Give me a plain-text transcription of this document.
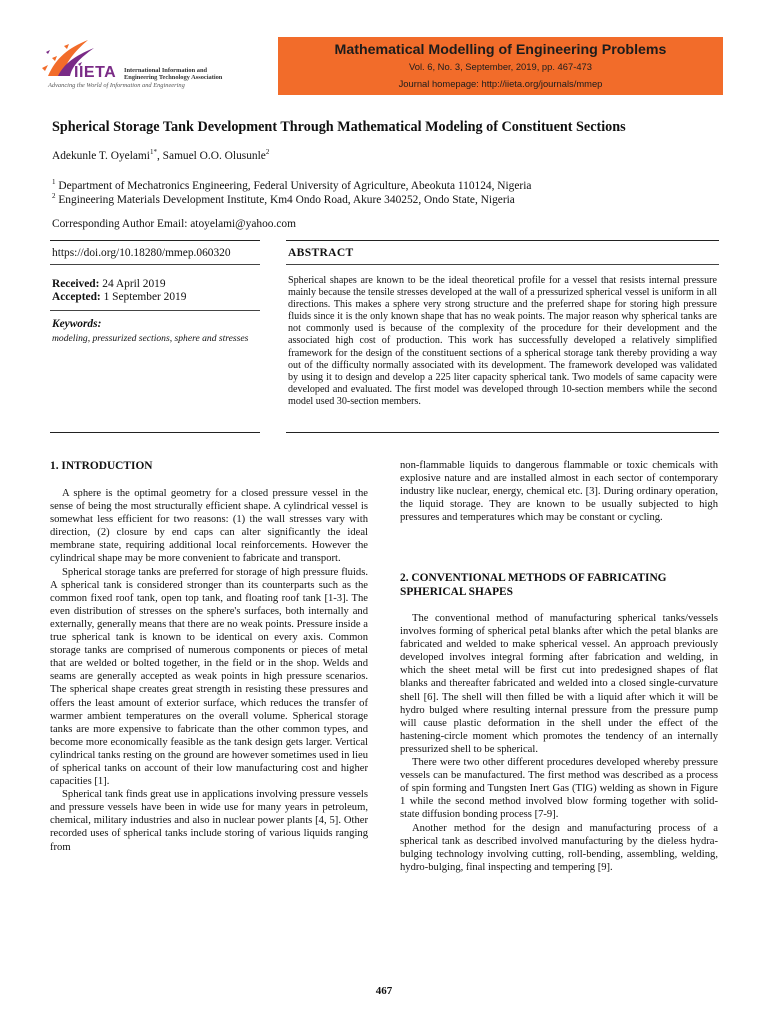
IIETA International Information and
Engineering Technology Association
Advancing the World of Information and Engineering
Mathematical Modelling of Engineering Problems
Vol. 6, No. 3, September, 2019, pp. 467-473
Journal homepage: http://iieta.org/journals/mmep
Spherical Storage Tank Development Through Mathematical Modeling of Constituent Sections
Adekunle T. Oyelami$^{1*}$, Samuel O.O. Olusunle$^2$
$^1$ Department of Mechatronics Engineering, Federal University of Agriculture, Abeokuta 110124, Nigeria
$^2$ Engineering Materials Development Institute, Km4 Ondo Road, Akure 340252, Ondo State, Nigeria
Corresponding Author Email: atoyelami@yahoo.com
https://doi.org/10.18280/mmep.060320	ABSTRACT
Received: 24 April 2019
Accepted: 1 September 2019
Keywords:
modeling, pressurized sections, sphere and stresses
Spherical shapes are known to be the ideal theoretical profile for a vessel that resists internal pressure mainly because the tensile stresses developed at the wall of a pressurized spherical vessel is uniform in all directions. This makes a sphere very strong structure and the preferred shape for storing high pressure fluids since it is the only known shape that has no weak points. The major reason why spherical tanks are not commonly used is because of the complexity of the procedure for their development and the associated high cost of production. This work has successfully developed a relatively simplified framework for the design of the constituent sections of a spherical storage tank thereby providing a way out of the difficulty normally associated with its development. The framework developed was validated by using it to design and develop a 225 liter capacity spherical tank. Two models of same capacity were developed and evaluated. The first model was developed through 10-section members while the second model used 30-section members.
1. INTRODUCTION

A sphere is the optimal geometry for a closed pressure vessel in the sense of being the most structurally efficient shape. A cylindrical vessel is somewhat less efficient for two reasons: (1) the wall stresses vary with direction, (2) closure by end caps can alter significantly the ideal membrane state, requiring additional local reinforcements. However the cylindrical shape may be more convenient to fabricate and transport.

Spherical storage tanks are preferred for storage of high pressure fluids. A spherical tank is considered stronger than its counterparts such as the common fixed roof tank, open top tank, and floating roof tank [1-3]. The even distribution of stresses on the sphere's surfaces, both internally and externally, generally means that there are no weak points. Pressure inside a true spherical tank is known to be identical on every axis. Common storage tanks are comprised of numerous components or pieces of metal that are welded or bolted together, in the field or in the shop. Welds and seams are generally accepted as weak points in high pressure scenarios. The spherical shape creates great strength in resisting these pressures and offers the least amount of exterior surface, which reduces the transfer of warmer ambient temperatures on the overall volume. Spherical storage tanks are more expensive to fabricate than the other common types, and become more economically feasible as the tank design gets larger. Vertical cylindrical tanks resting on the ground are however sometimes used in lieu of spherical tanks on account of their low manufacturing cost and higher capacities [1].

Spherical tank finds great use in applications involving pressure vessels and pressure vessels have been in wide use for many years in petroleum, chemical, military industries and also in nuclear power plants [4, 5]. Other recorded uses of spherical tanks include storing of various liquids ranging from

non-flammable liquids to dangerous flammable or toxic chemicals with explosive nature and are installed almost in each sector of contemporary industry like nuclear, energy, chemical etc. [3]. During ordinary operation, the liquid storage. They are known to be usually subjected to high pressures and temperatures which may be constant or cycling.

2. CONVENTIONAL METHODS OF FABRICATING SPHERICAL SHAPES

The conventional method of manufacturing spherical tanks/vessels involves forming of spherical petal blanks after which the petal blanks are fabricated and welded to make spherical vessel. An approach previously developed involves integral forming after fabrication and welding, in which the sheet metal will be first cut into predesigned shapes of flat blanks and thereafter fabricated and welded into a closed single-curvature shell [6]. The shell will then filled be with a liquid after which it will be hydro bulged where resulting internal pressure from the pressure pump will cause plastic deformation in the shell under the effect of the hastening-circle moment which promotes the tendency of an internally pressurized shell to be spherical.

There were two other different procedures developed whereby pressure vessels can be manufactured. The first method was described as a process of spin forming and Tungsten Inert Gas (TIG) welding as shown in Figure 1 while the second method involved blow forming together with solid-state diffusion bonding process [7-9].

Another method for the design and manufacturing process of a spherical tank as described involved manufacturing by the dieless hydra-bulging technology involving cutting, roll-bending, assembling, welding, hydro-bulging, final inspecting and tempering [9].

467
